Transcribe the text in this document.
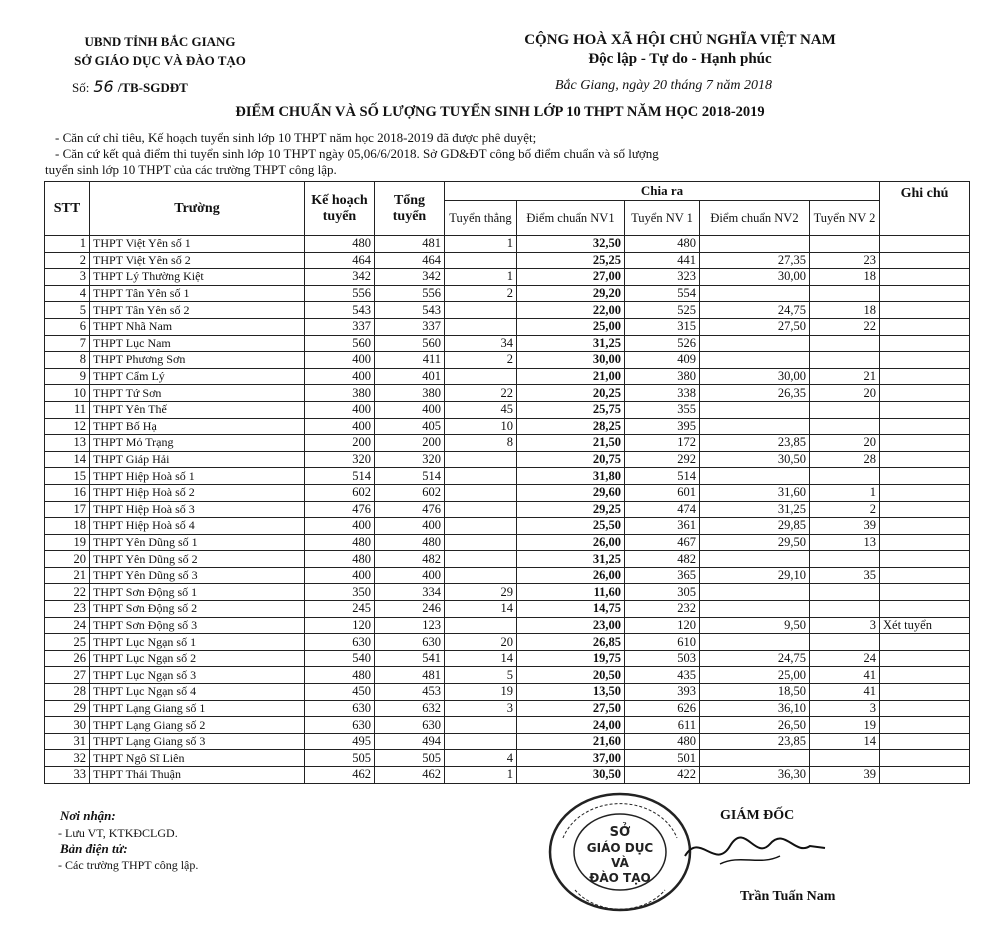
UBND TỈNH BẮC GIANG
SỞ GIÁO DỤC VÀ ĐÀO TẠO
CỘNG HOÀ XÃ HỘI CHỦ NGHĨA VIỆT NAM
Độc lập - Tự do - Hạnh phúc
Số: 56 /TB-SGDĐT	Bắc Giang, ngày 20 tháng 7 năm 2018
ĐIỂM CHUẨN VÀ SỐ LƯỢNG TUYỂN SINH LỚP 10 THPT NĂM HỌC 2018-2019
- Căn cứ chỉ tiêu, Kế hoạch tuyển sinh lớp 10 THPT năm học 2018-2019 đã được phê duyệt;
- Căn cứ kết quả điểm thi tuyển sinh lớp 10 THPT ngày 05,06/6/2018. Sở GD&ĐT công bố điểm chuẩn và số lượng
tuyển sinh lớp 10 THPT của các trường THPT công lập.
STT	Trường	Kế hoạch tuyển	Tổng tuyển	Chia ra					Ghi chú
				Tuyển thẳng	Điểm chuẩn NV1	Tuyển NV 1	Điểm chuẩn NV2	Tuyển NV 2	
1	THPT Việt Yên số 1	480	481	1	32,50	480			
2	THPT Việt Yên số 2	464	464		25,25	441	27,35	23	
3	THPT Lý Thường Kiệt	342	342	1	27,00	323	30,00	18	
4	THPT Tân Yên số 1	556	556	2	29,20	554			
5	THPT Tân Yên số 2	543	543		22,00	525	24,75	18	
6	THPT Nhã Nam	337	337		25,00	315	27,50	22	
7	THPT Lục Nam	560	560	34	31,25	526			
8	THPT Phương Sơn	400	411	2	30,00	409			
9	THPT Cẩm Lý	400	401		21,00	380	30,00	21	
10	THPT Tứ Sơn	380	380	22	20,25	338	26,35	20	
11	THPT Yên Thế	400	400	45	25,75	355			
12	THPT Bố Hạ	400	405	10	28,25	395			
13	THPT Mỏ Trạng	200	200	8	21,50	172	23,85	20	
14	THPT Giáp Hải	320	320		20,75	292	30,50	28	
15	THPT Hiệp Hoà số 1	514	514		31,80	514			
16	THPT Hiệp Hoà số 2	602	602		29,60	601	31,60	1	
17	THPT Hiệp Hoà số 3	476	476		29,25	474	31,25	2	
18	THPT Hiệp Hoà số 4	400	400		25,50	361	29,85	39	
19	THPT Yên Dũng số 1	480	480		26,00	467	29,50	13	
20	THPT Yên Dũng số 2	480	482		31,25	482			
21	THPT Yên Dũng số 3	400	400		26,00	365	29,10	35	
22	THPT Sơn Động số 1	350	334	29	11,60	305			
23	THPT Sơn Động số 2	245	246	14	14,75	232			
24	THPT Sơn Động số 3	120	123		23,00	120	9,50	3	Xét tuyển
25	THPT Lục Ngạn số 1	630	630	20	26,85	610			
26	THPT Lục Ngạn số 2	540	541	14	19,75	503	24,75	24	
27	THPT Lục Ngạn số 3	480	481	5	20,50	435	25,00	41	
28	THPT Lục Ngạn số 4	450	453	19	13,50	393	18,50	41	
29	THPT Lạng Giang số 1	630	632	3	27,50	626	36,10	3	
30	THPT Lạng Giang số 2	630	630		24,00	611	26,50	19	
31	THPT Lạng Giang số 3	495	494		21,60	480	23,85	14	
32	THPT Ngô Sĩ Liên	505	505	4	37,00	501			
33	THPT Thái Thuận	462	462	1	30,50	422	36,30	39	
Nơi nhận:
- Lưu VT, KTKĐCLGD.
Bản điện tử:
- Các trường THPT công lập.
SỞ
GIÁO DỤC
VÀ
ĐÀO TẠO
GIÁM ĐỐC
Trần Tuấn Nam
